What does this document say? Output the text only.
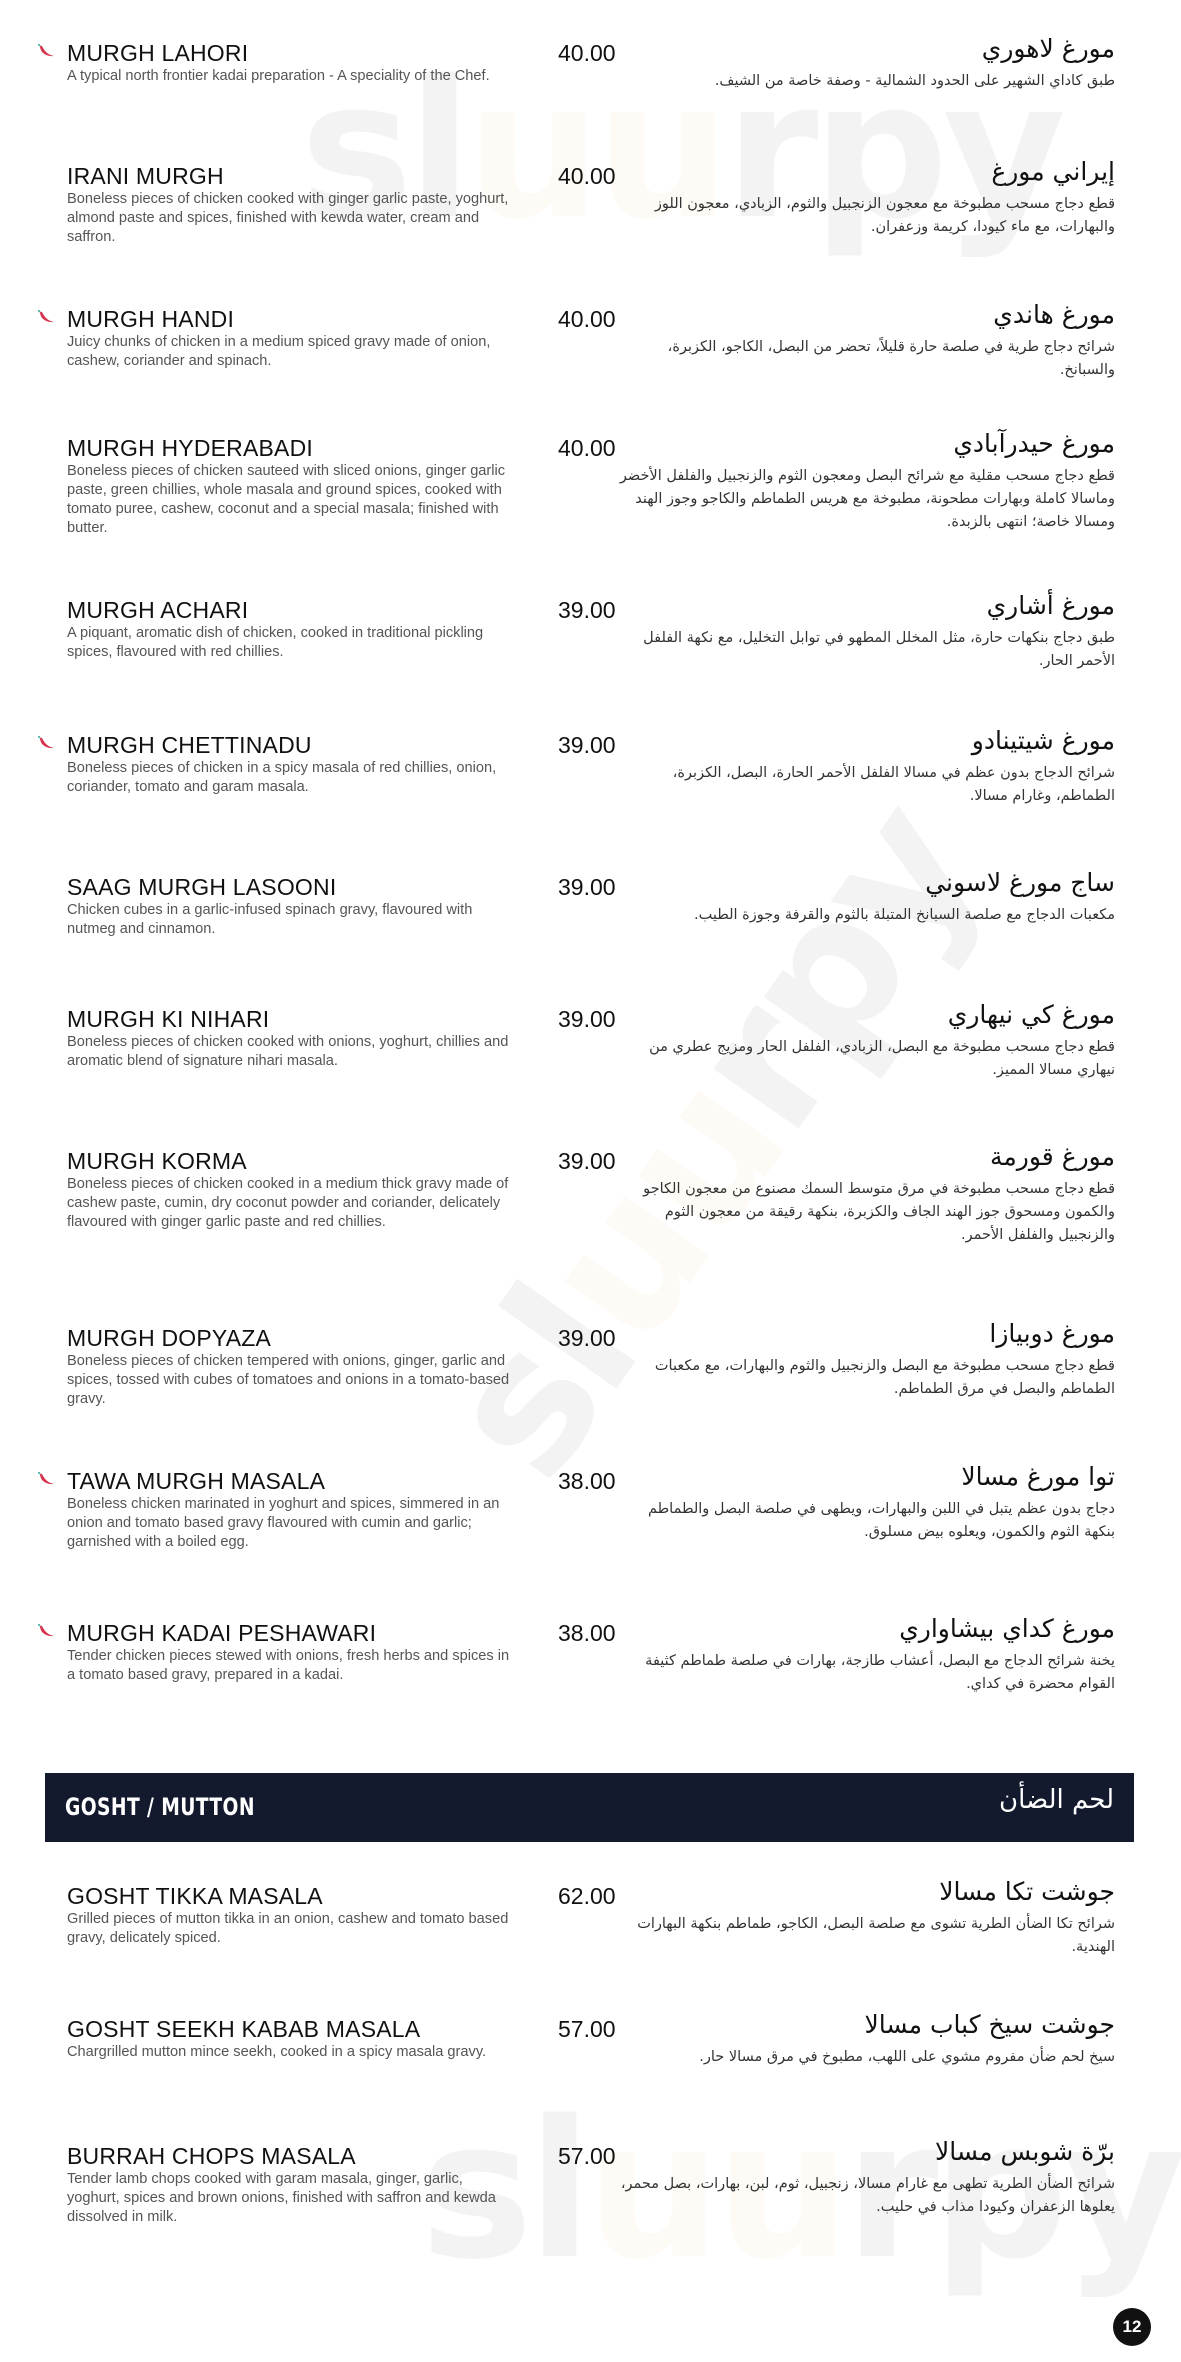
MURGH LAHORI
A typical north frontier kadai preparation - A speciality of the Chef.
40.00	مورغ لاهوري
طبق كاداي الشهير على الحدود الشمالية - وصفة خاصة من الشيف.
IRANI MURGH
Boneless pieces of chicken cooked with ginger garlic paste, yoghurt, almond paste and spices, finished with kewda water, cream and saffron.
40.00	إيراني مورغ
قطع دجاج مسحب مطبوخة مع معجون الزنجبيل والثوم، الزبادي، معجون اللوز والبهارات، مع ماء كيودا، كريمة وزعفران.
MURGH HANDI
Juicy chunks of chicken in a medium spiced gravy made of onion, cashew, coriander and spinach.
40.00	مورغ هاندي
شرائح دجاج طرية في صلصة حارة قليلاً، تحضر من البصل، الكاجو، الكزبرة، والسبانخ.
MURGH HYDERABADI
Boneless pieces of chicken sauteed with sliced onions, ginger garlic paste, green chillies, whole masala and ground spices, cooked with tomato puree, cashew, coconut and a special masala; finished with butter.
40.00	مورغ حيدرآبادي
قطع دجاج مسحب مقلية مع شرائح البصل ومعجون الثوم والزنجبيل والفلفل الأخضر وماسالا كاملة وبهارات مطحونة، مطبوخة مع هريس الطماطم والكاجو وجوز الهند ومسالا خاصة؛ انتهى بالزبدة.
MURGH ACHARI
A piquant, aromatic dish of chicken, cooked in traditional pickling spices, flavoured with red chillies.
39.00	مورغ أشاري
طبق دجاج بنكهات حارة، مثل المخلل المطهو في توابل التخليل، مع نكهة الفلفل الأحمر الحار.
MURGH CHETTINADU
Boneless pieces of chicken in a spicy masala of red chillies, onion, coriander, tomato and garam masala.
39.00	مورغ شيتينادو
شرائح الدجاج بدون عظم في مسالا الفلفل الأحمر الحارة، البصل، الكزبرة، الطماطم، وغارام مسالا.
SAAG MURGH LASOONI
Chicken cubes in a garlic-infused spinach gravy, flavoured with nutmeg and cinnamon.
39.00	ساج مورغ لاسوني
مكعبات الدجاج مع صلصة السبانخ المتبلة بالثوم والقرفة وجوزة الطيب.
MURGH KI NIHARI
Boneless pieces of chicken cooked with onions, yoghurt, chillies and aromatic blend of signature nihari masala.
39.00	مورغ كي نيهاري
قطع دجاج مسحب مطبوخة مع البصل، الزبادي، الفلفل الحار ومزيج عطري من نيهاري مسالا المميز.
MURGH KORMA
Boneless pieces of chicken cooked in a medium thick gravy made of cashew paste, cumin, dry coconut powder and coriander, delicately flavoured with ginger garlic paste and red chillies.
39.00	مورغ قورمة
قطع دجاج مسحب مطبوخة في مرق متوسط السمك مصنوع من معجون الكاجو والكمون ومسحوق جوز الهند الجاف والكزبرة، بنكهة رقيقة من معجون الثوم والزنجبيل والفلفل الأحمر.
MURGH DOPYAZA
Boneless pieces of chicken tempered with onions, ginger, garlic and spices, tossed with cubes of tomatoes and onions in a tomato-based gravy.
39.00	مورغ دوبيازا
قطع دجاج مسحب مطبوخة مع البصل والزنجبيل والثوم والبهارات، مع مكعبات الطماطم والبصل في مرق الطماطم.
TAWA MURGH MASALA
Boneless chicken marinated in yoghurt and spices, simmered in an onion and tomato based gravy flavoured with cumin and garlic; garnished with a boiled egg.
38.00	توا مورغ مسالا
دجاج بدون عظم يتبل في اللبن والبهارات، ويطهى في صلصة البصل والطماطم بنكهة الثوم والكمون، ويعلوه بيض مسلوق.
MURGH KADAI PESHAWARI
Tender chicken pieces stewed with onions, fresh herbs and spices in a tomato based gravy, prepared in a kadai.
38.00	مورغ كداي بيشاواري
يخنة شرائح الدجاج مع البصل، أعشاب طازجة، بهارات في صلصة طماطم كثيفة القوام محضرة في كداي.
GOSHT TIKKA MASALA
Grilled pieces of mutton tikka in an onion, cashew and tomato based gravy, delicately spiced.
62.00	جوشت تكا مسالا
شرائح تكا الضأن الطرية تشوى مع صلصة البصل، الكاجو، طماطم بنكهة البهارات الهندية.
GOSHT SEEKH KABAB MASALA
Chargrilled mutton mince seekh, cooked in a spicy masala gravy.
57.00	جوشت سيخ كباب مسالا
سيخ لحم ضأن مفروم مشوي على اللهب، مطبوخ في مرق مسالا حار.
BURRAH CHOPS MASALA
Tender lamb chops cooked with garam masala, ginger, garlic, yoghurt, spices and brown onions, finished with saffron and kewda dissolved in milk.
57.00	برّة شوبس مسالا
شرائح الضأن الطرية تطهى مع غارام مسالا، زنجبيل، ثوم، لبن، بهارات، بصل محمر، يعلوها الزعفران وكيودا مذاب في حليب.
GOSHT / MUTTON	لحم الضأن
12
